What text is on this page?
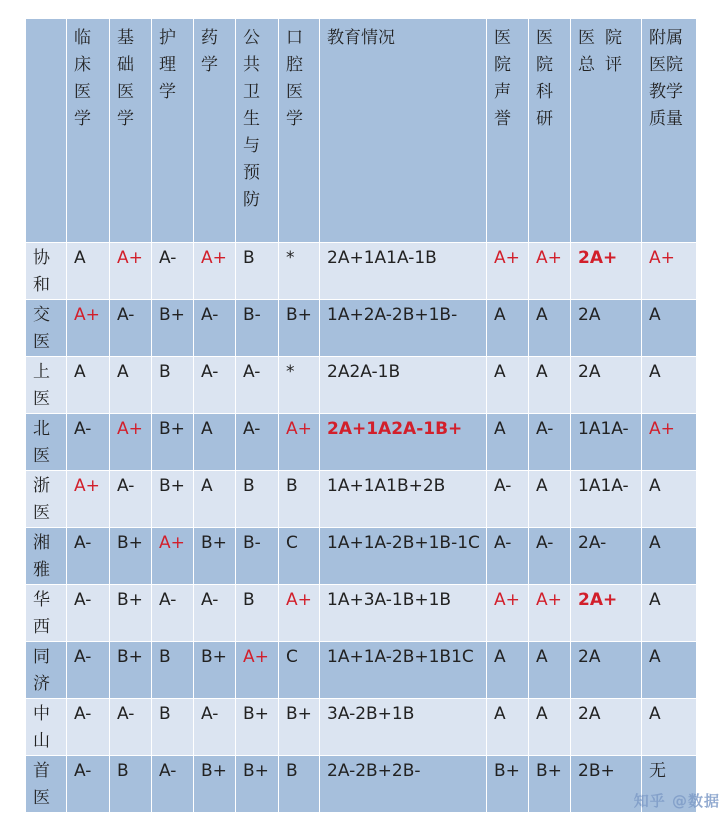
	临床医学	基础医学	护理学	药学	公共卫生与预防	口腔医学	教育情况	医院声誉	医院科研	医院总评	附属医院教学质量
协和	A	A+	A-	A+	B	*	2A+1A1A-1B	A+	A+	2A+	A+
交医	A+	A-	B+	A-	B-	B+	1A+2A-2B+1B-	A	A	2A	A
上医	A	A	B	A-	A-	*	2A2A-1B	A	A	2A	A
北医	A-	A+	B+	A	A-	A+	2A+1A2A-1B+	A	A-	1A1A-	A+
浙医	A+	A-	B+	A	B	B	1A+1A1B+2B	A-	A	1A1A-	A
湘雅	A-	B+	A+	B+	B-	C	1A+1A-2B+1B-1C	A-	A-	2A-	A
华西	A-	B+	A-	A-	B	A+	1A+3A-1B+1B	A+	A+	2A+	A
同济	A-	B+	B	B+	A+	C	1A+1A-2B+1B1C	A	A	2A	A
中山	A-	A-	B	A-	B+	B+	3A-2B+1B	A	A	2A	A
首医	A-	B	A-	B+	B+	B	2A-2B+2B-	B+	B+	2B+	无
知乎 @数据
